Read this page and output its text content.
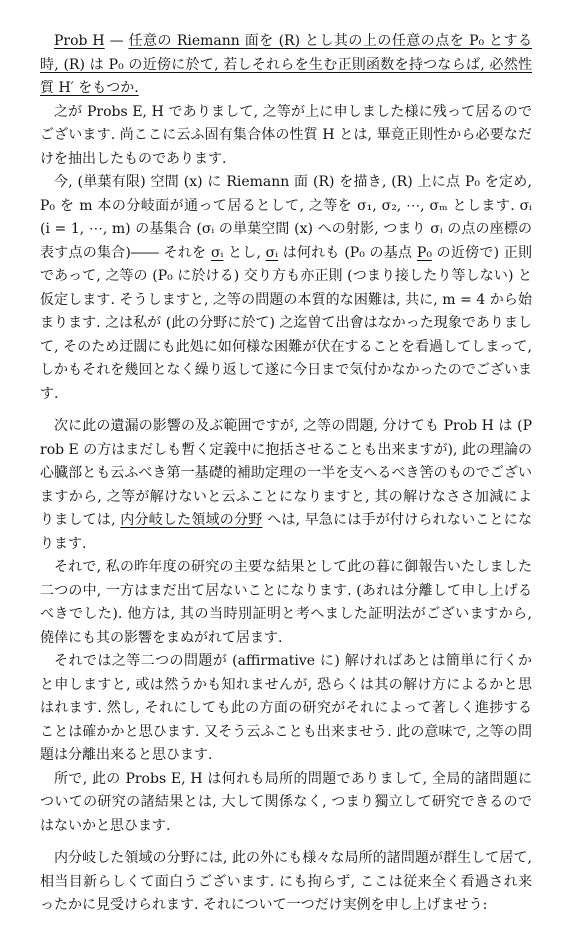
Prob H — 任意の Riemann 面を (R) とし其の上の任意の点を P₀ とする時, (R) は P₀ の近傍に於て, 若しそれらを生む正則函数を持つならば, 必然性質 H′ をもつか.

之が Probs E, H でありまして, 之等が上に申しました様に残って居るのでございます. 尚ここに云ふ固有集合体の性質 H とは, 畢竟正則性から必要なだけを抽出したものであります.

今, (単葉有限) 空間 (x) に Riemann 面 (R) を描き, (R) 上に点 P₀ を定め, P₀ を m 本の分岐面が通って居るとして, 之等を σ₁, σ₂, ⋯, σₘ とします. σᵢ (i = 1, ⋯, m) の基集合 (σᵢ の単葉空間 (x) への射影, つまり σᵢ の点の座標の表す点の集合)―― それを σᵢ とし, σᵢ は何れも (P₀ の基点 P₀ の近傍で) 正則であって, 之等の (P₀ に於ける) 交り方も亦正則 (つまり接したり等しない) と仮定します. そうしますと, 之等の問題の本質的な困難は, 共に, m = 4 から始まります. 之は私が (此の分野に於て) 之迄曽て出會はなかった現象でありまして, そのため迂闊にも此処に如何様な困難が伏在することを看過してしまって, しかもそれを幾回となく繰り返して遂に今日まで気付かなかったのでございます.

次に此の遺漏の影響の及ぶ範囲ですが, 之等の問題, 分けても Prob H は (Prob E の方はまだしも暫く定義中に抱括させることも出来ますが), 此の理論の心臓部とも云ふべき第一基礎的補助定理の一半を支へるべき筈のものでございますから, 之等が解けないと云ふことになりますと, 其の解けなささ加減によりましては, 内分岐した領域の分野 へは, 早急には手が付けられないことになります.

それで, 私の昨年度の研究の主要な結果として此の暮に御報告いたしました二つの中, 一方はまだ出て居ないことになります. (あれは分離して申し上げるべきでした). 他方は, 其の当時別証明と考へました証明法がございますから, 僥倖にも其の影響をまぬがれて居ます.

それでは之等二つの問題が (affirmative に) 解ければあとは簡単に行くかと申しますと, 或は然うかも知れませんが, 恐らくは其の解け方によるかと思はれます. 然し, それにしても此の方面の研究がそれによって著しく進捗することは確かかと思ひます. 又そう云ふことも出来ませう. 此の意味で, 之等の問題は分離出来ると思ひます.

所で, 此の Probs E, H は何れも局所的問題でありまして, 全局的諸問題についての研究の諸結果とは, 大して関係なく, つまり獨立して研究できるのではないかと思ひます.

内分岐した領域の分野には, 此の外にも様々な局所的諸問題が群生して居て, 相当目新らしくて面白うございます. にも拘らず, ここは従来全く看過され来ったかに見受けられます. それについて一つだけ実例を申し上げませう:
